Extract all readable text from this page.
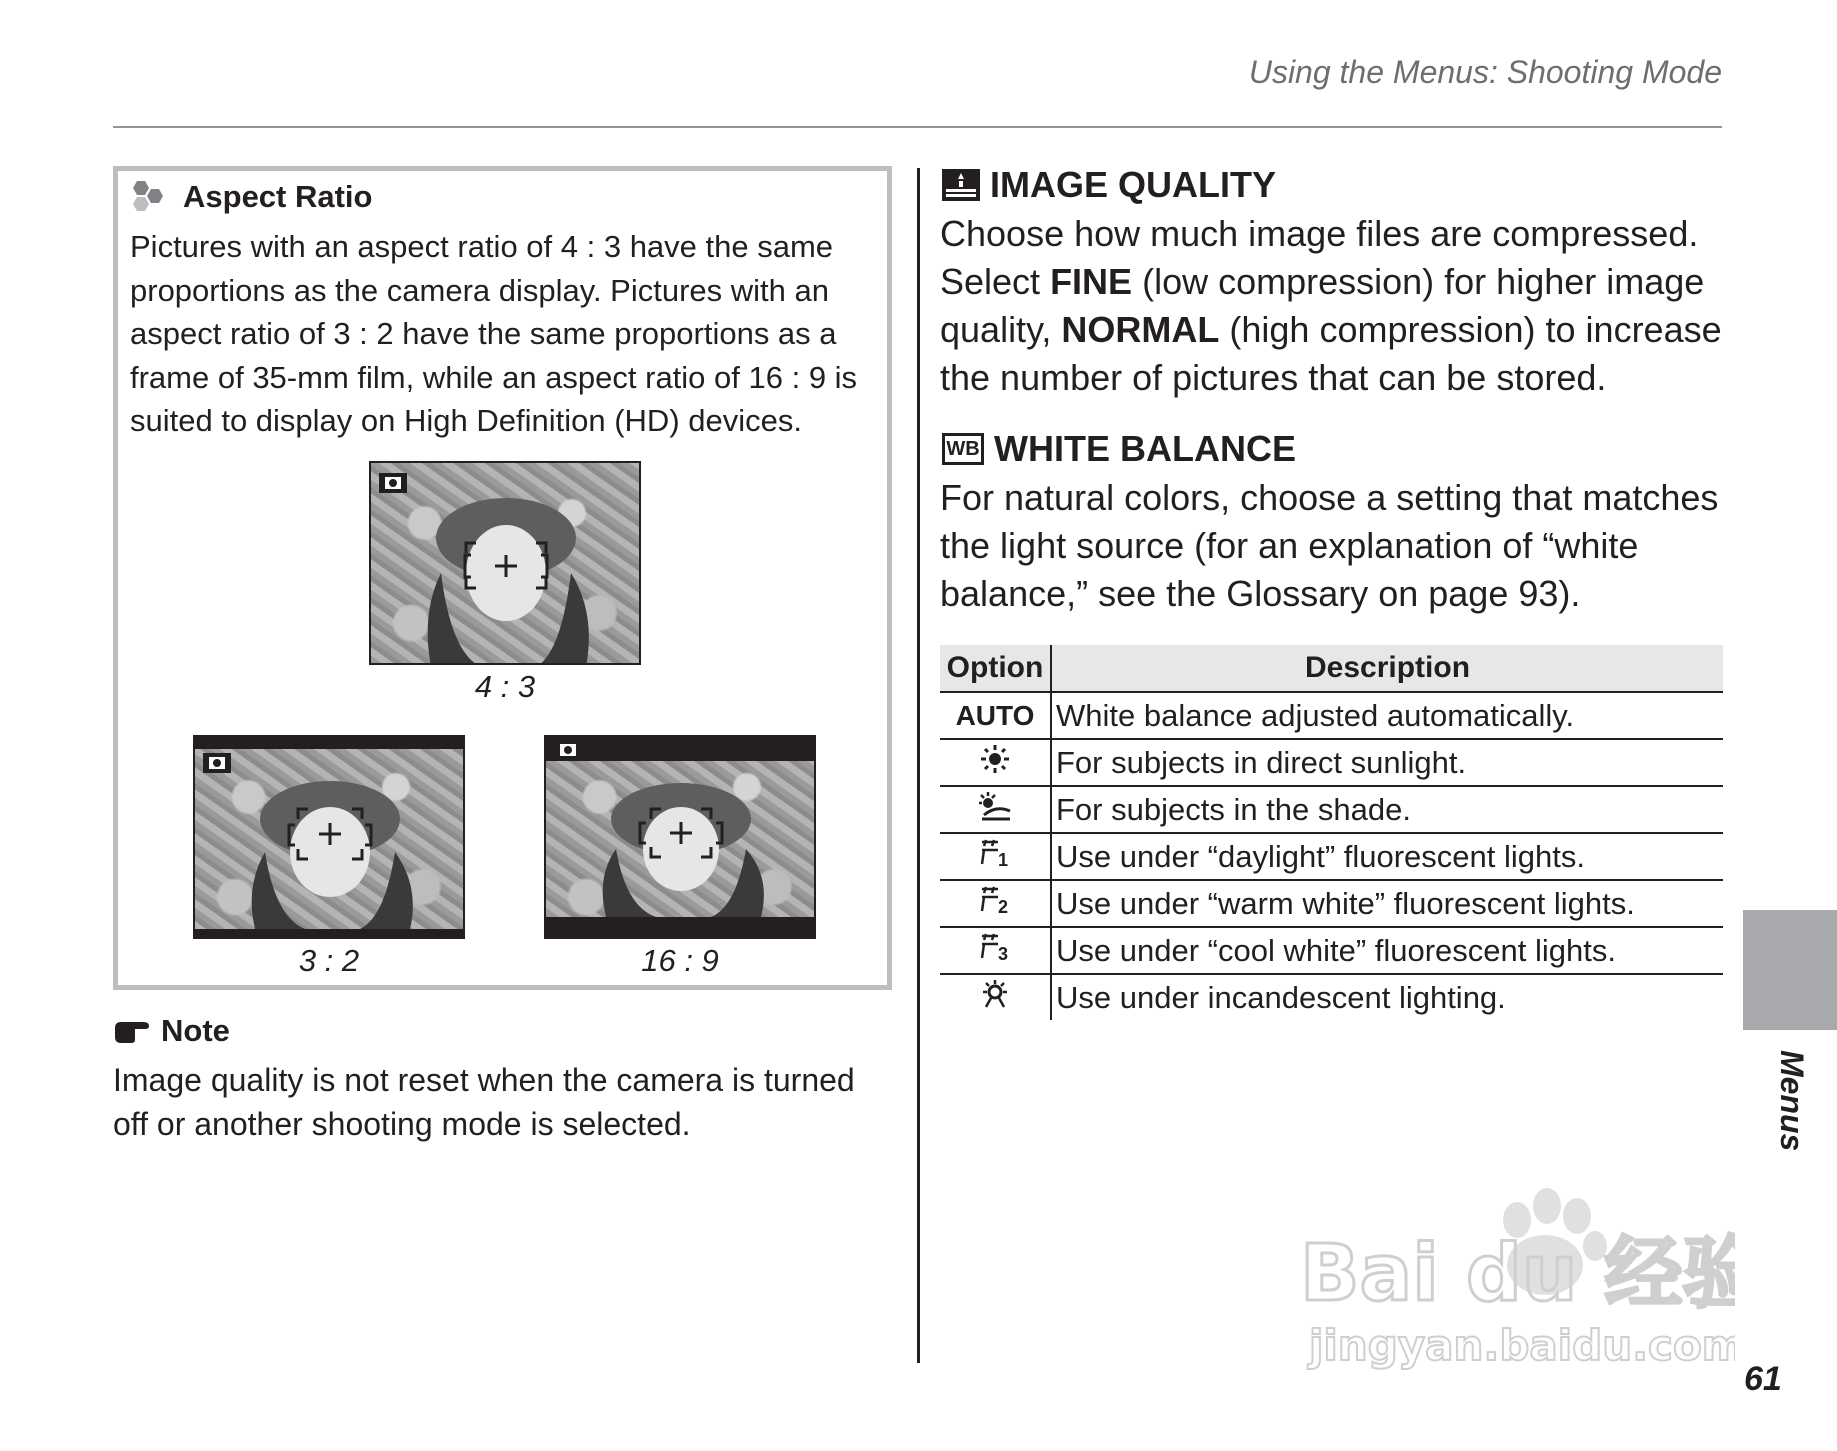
Using the Menus: Shooting Mode
Aspect Ratio
Pictures with an aspect ratio of 4 : 3 have the same
proportions as the camera display. Pictures with an
aspect ratio of 3 : 2 have the same proportions as a
frame of 35-mm film, while an aspect ratio of 16 : 9 is
suited to display on High Definition (HD) devices.
4 : 3
3 : 2	16 : 9
Note
Image quality is not reset when the camera is turned
off or another shooting mode is selected.
IMAGE QUALITY
Choose how much image files are compressed.
Select FINE (low compression) for higher image
quality, NORMAL (high compression) to increase
the number of pictures that can be stored.
WB WHITE BALANCE
For natural colors, choose a setting that matches
the light source (for an explanation of “white
balance,” see the Glossary on page 93).
Option	Description
AUTO	White balance adjusted automatically.
	For subjects in direct sunlight.
	For subjects in the shade.

1	Use under “daylight” fluorescent lights.

2	Use under “warm white” fluorescent lights.

3	Use under “cool white” fluorescent lights.
	Use under incandescent lighting.
Menus
Bai du 经验
jingyan.baidu.com
61
